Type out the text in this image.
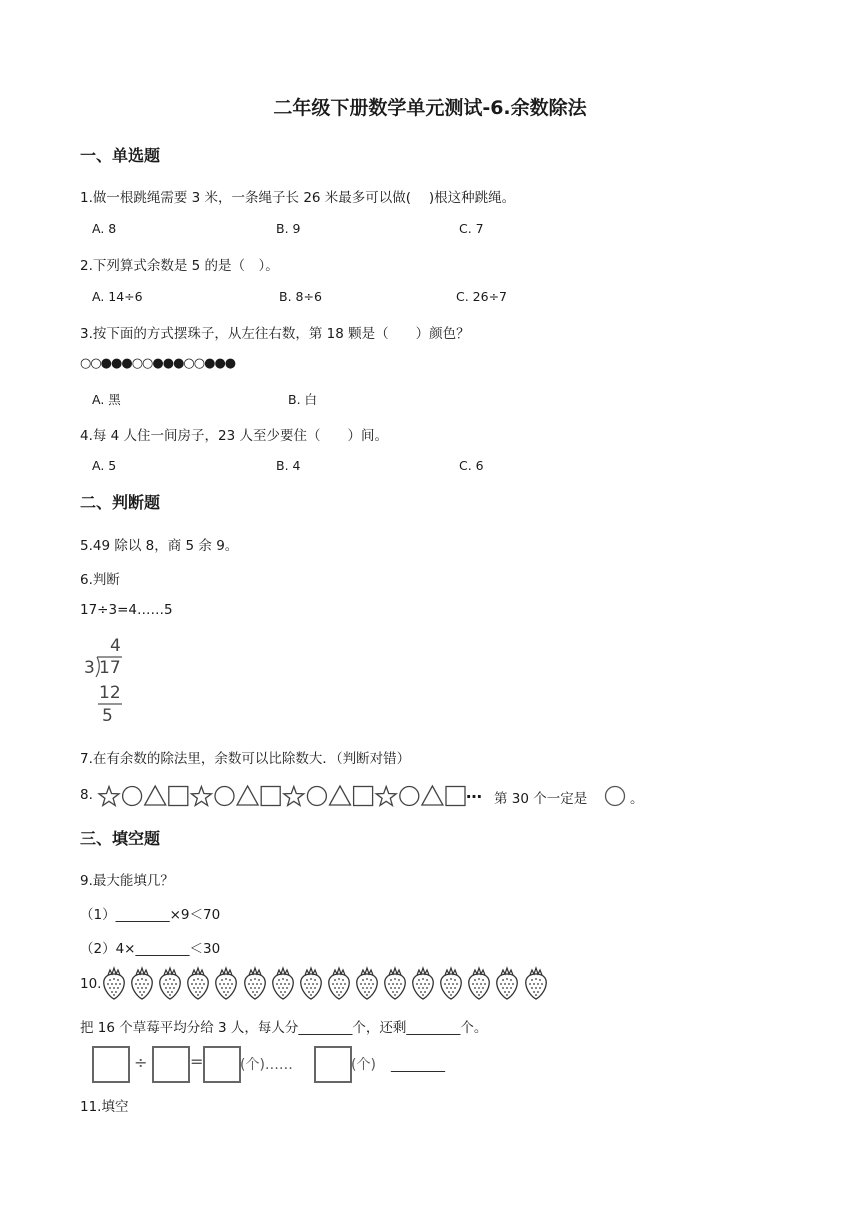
二年级下册数学单元测试-6.余数除法
一、单选题
1.做一根跳绳需要 3 米，一条绳子长 26 米最多可以做(　 )根这种跳绳。
A. 8	B. 9	C. 7
2.下列算式余数是 5 的是（　）。
A. 14÷6	B. 8÷6	C. 26÷7
3.按下面的方式摆珠子，从左往右数，第 18 颗是（　　）颜色？
○○●●●○○●●●○○●●●
A. 黑	B. 白
4.每 4 人住一间房子，23 人至少要住（　　）间。
A. 5	B. 4	C. 6
二、判断题
5.49 除以 8，商 5 余 9。
6.判断
17÷3=4……5
4
3 17
12
5
7.在有余数的除法里，余数可以比除数大．（判断对错）
8.	… 第 30 个一定是	。
三、填空题
9.最大能填几？
（1）________×9＜70
（2）4×________＜30
10.
把 16 个草莓平均分给 3 人，每人分________个，还剩________个。
÷	=	(个)……	(个) ________
11.填空
